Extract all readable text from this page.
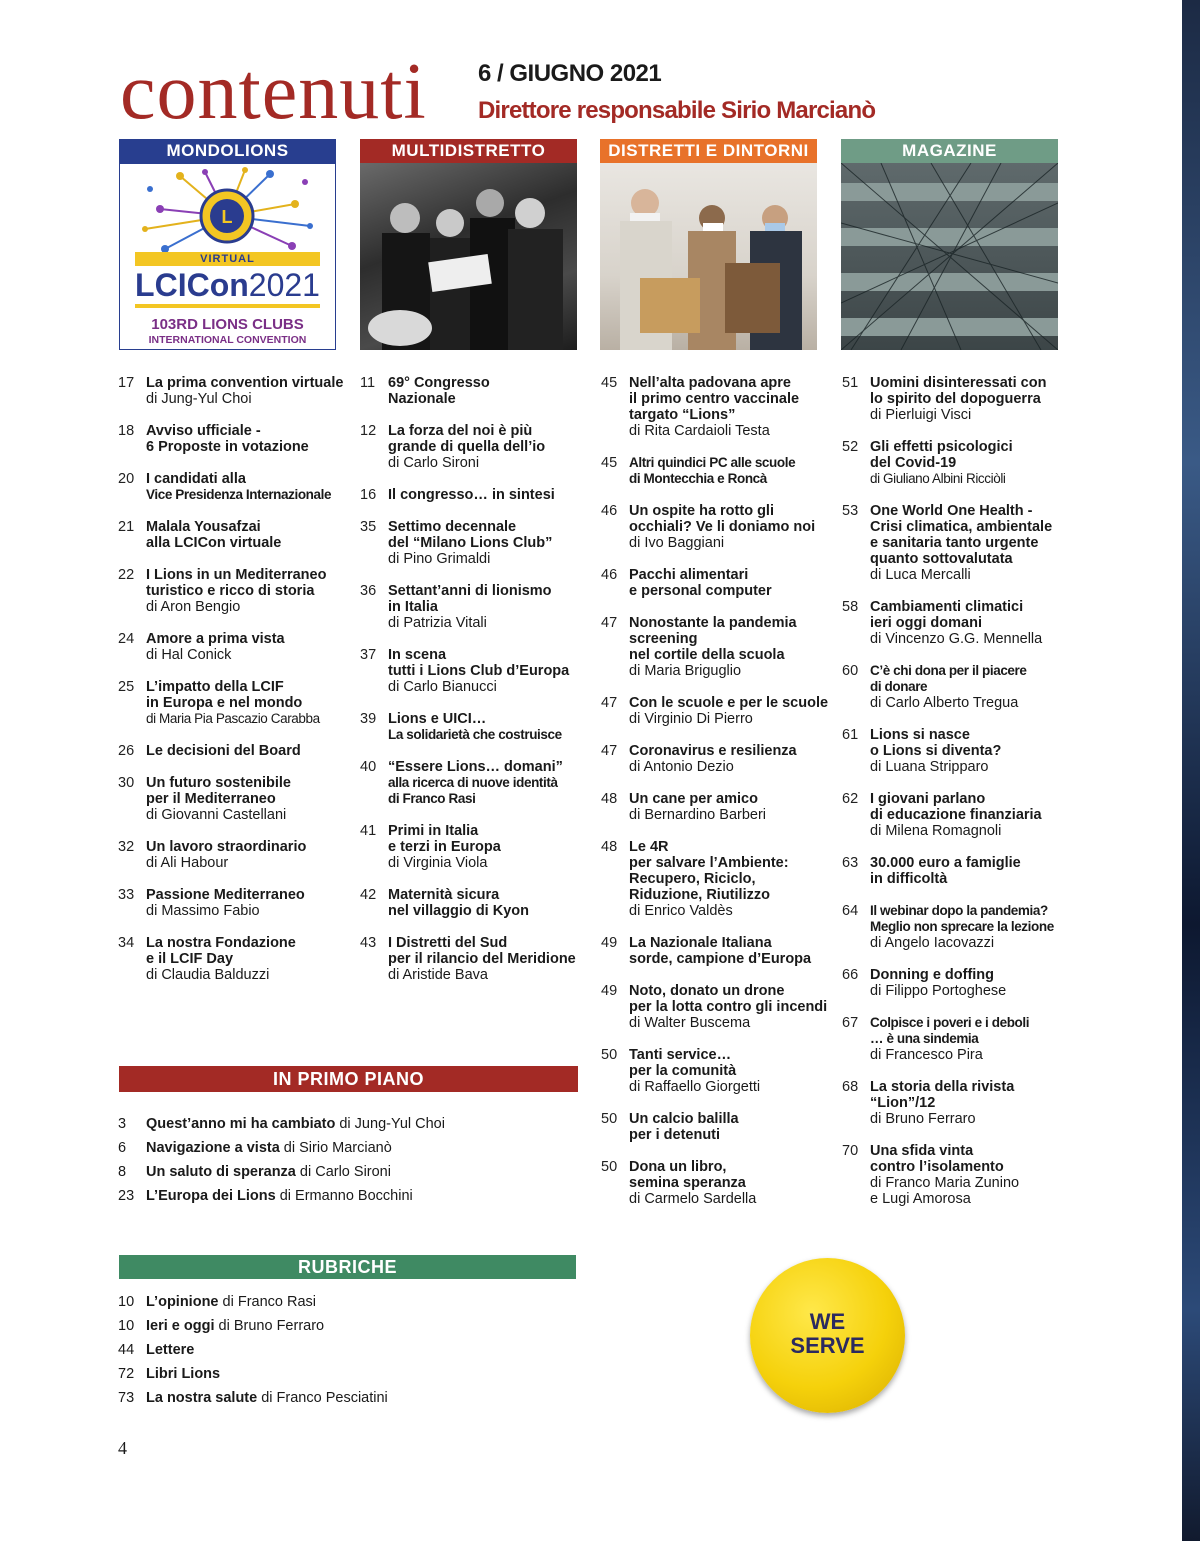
contenuti 6 / GIUGNO 2021
Direttore responsabile Sirio Marcianò
MONDOLIONS	MULTIDISTRETTO	DISTRETTI E DINTORNI	MAGAZINE
L
VIRTUAL
LCICon2021
103RD LIONS CLUBS
INTERNATIONAL CONVENTION
17 La prima convention virtuale
di Jung-Yul Choi
18 Avviso ufficiale -
6 Proposte in votazione
20 I candidati alla
Vice Presidenza Internazionale
21 Malala Yousafzai
alla LCICon virtuale
22 I Lions in un Mediterraneo
turistico e ricco di storia
di Aron Bengio
24 Amore a prima vista
di Hal Conick
25 L’impatto della LCIF
in Europa e nel mondo
di Maria Pia Pascazio Carabba
26 Le decisioni del Board
30 Un futuro sostenibile
per il Mediterraneo
di Giovanni Castellani
32 Un lavoro straordinario
di Ali Habour
33 Passione Mediterraneo
di Massimo Fabio
34 La nostra Fondazione
e il LCIF Day
di Claudia Balduzzi
11 69° Congresso
Nazionale
12 La forza del noi è più
grande di quella dell’io
di Carlo Sironi
16 Il congresso… in sintesi
35 Settimo decennale
del “Milano Lions Club”
di Pino Grimaldi
36 Settant’anni di lionismo
in Italia
di Patrizia Vitali
37 In scena
tutti i Lions Club d’Europa
di Carlo Bianucci
39 Lions e UICI…
La solidarietà che costruisce
40 “Essere Lions… domani”
alla ricerca di nuove identità
di Franco Rasi
41 Primi in Italia
e terzi in Europa
di Virginia Viola
42 Maternità sicura
nel villaggio di Kyon
43 I Distretti del Sud
per il rilancio del Meridione
di Aristide Bava
45 Nell’alta padovana apre
il primo centro vaccinale
targato “Lions”
di Rita Cardaioli Testa
45 Altri quindici PC alle scuole
di Montecchia e Roncà
46 Un ospite ha rotto gli
occhiali? Ve li doniamo noi
di Ivo Baggiani
46 Pacchi alimentari
e personal computer
47 Nonostante la pandemia
screening
nel cortile della scuola
di Maria Briguglio
47 Con le scuole e per le scuole
di Virginio Di Pierro
47 Coronavirus e resilienza
di Antonio Dezio
48 Un cane per amico
di Bernardino Barberi
48 Le 4R
per salvare l’Ambiente:
Recupero, Riciclo,
Riduzione, Riutilizzo
di Enrico Valdès
49 La Nazionale Italiana
sorde, campione d’Europa
49 Noto, donato un drone
per la lotta contro gli incendi
di Walter Buscema
50 Tanti service…
per la comunità
di Raffaello Giorgetti
50 Un calcio balilla
per i detenuti
50 Dona un libro,
semina speranza
di Carmelo Sardella
51 Uomini disinteressati con
lo spirito del dopoguerra
di Pierluigi Visci
52 Gli effetti psicologici
del Covid-19
di Giuliano Albini Ricciòli
53 One World One Health -
Crisi climatica, ambientale
e sanitaria tanto urgente
quanto sottovalutata
di Luca Mercalli
58 Cambiamenti climatici
ieri oggi domani
di Vincenzo G.G. Mennella
60 C’è chi dona per il piacere
di donare
di Carlo Alberto Tregua
61 Lions si nasce
o Lions si diventa?
di Luana Stripparo
62 I giovani parlano
di educazione finanziaria
di Milena Romagnoli
63 30.000 euro a famiglie
in difficoltà
64 Il webinar dopo la pandemia?
Meglio non sprecare la lezione
di Angelo Iacovazzi
66 Donning e doffing
di Filippo Portoghese
67 Colpisce i poveri e i deboli
… è una sindemia
di Francesco Pira
68 La storia della rivista
“Lion”/12
di Bruno Ferraro
70 Una sfida vinta
contro l’isolamento
di Franco Maria Zunino
e Lugi Amorosa
IN PRIMO PIANO
3	Quest’anno mi ha cambiato di Jung-Yul Choi
6	Navigazione a vista di Sirio Marcianò
8	Un saluto di speranza di Carlo Sironi
23 L’Europa dei Lions di Ermanno Bocchini
RUBRICHE
10 L’opinione di Franco Rasi
10 Ieri e oggi di Bruno Ferraro
44 Lettere
72 Libri Lions
73 La nostra salute di Franco Pesciatini
WE
SERVE
4
